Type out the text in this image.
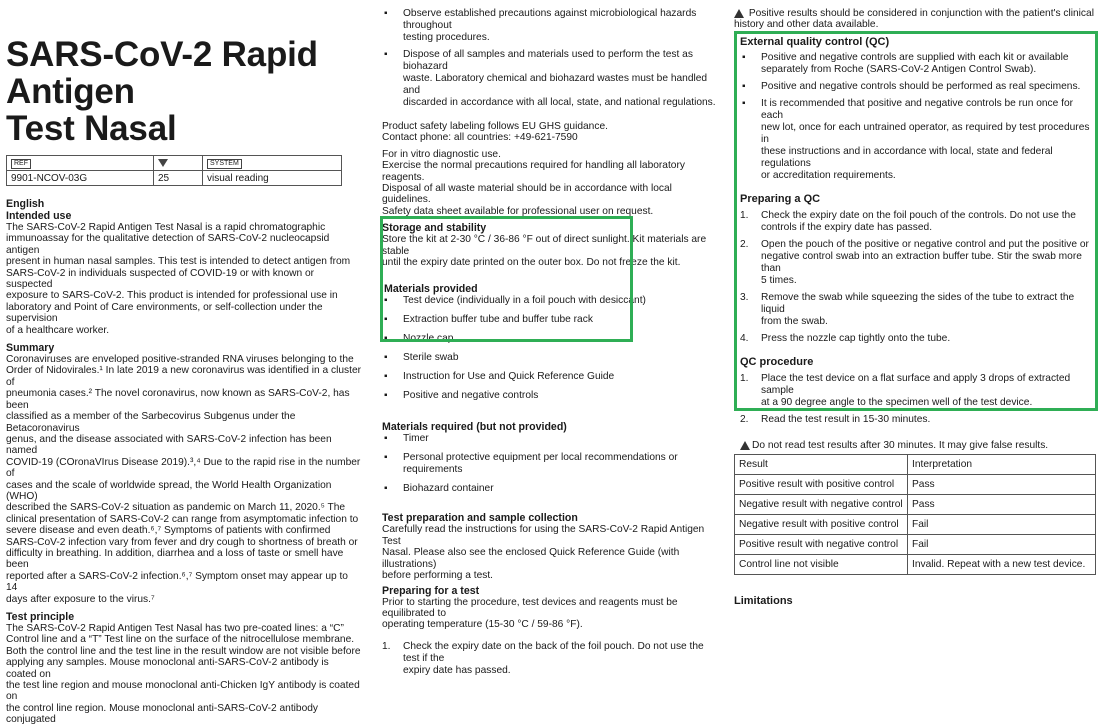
SARS-CoV-2 Rapid Antigen
Test Nasal
REF		SYSTEM
9901-NCOV-03G	25	visual reading

English

Intended use

The SARS-CoV-2 Rapid Antigen Test Nasal is a rapid chromatographic

immunoassay for the qualitative detection of SARS-CoV-2 nucleocapsid antigen

present in human nasal samples. This test is intended to detect antigen from

SARS-CoV-2 in individuals suspected of COVID-19 or with known or suspected

exposure to SARS-CoV-2. This product is intended for professional use in

laboratory and Point of Care environments, or self-collection under the supervision

of a healthcare worker.

Summary

Coronaviruses are enveloped positive-stranded RNA viruses belonging to the

Order of Nidovirales.¹ In late 2019 a new coronavirus was identified in a cluster of

pneumonia cases.² The novel coronavirus, now known as SARS-CoV-2, has been

classified as a member of the Sarbecovirus Subgenus under the Betacoronavirus

genus, and the disease associated with SARS-CoV-2 infection has been named

COVID-19 (COronaVIrus Disease 2019).³,⁴ Due to the rapid rise in the number of

cases and the scale of worldwide spread, the World Health Organization (WHO)

described the SARS-CoV-2 situation as pandemic on March 11, 2020.⁵ The

clinical presentation of SARS-CoV-2 can range from asymptomatic infection to

severe disease and even death.⁶,⁷ Symptoms of patients with confirmed

SARS-CoV-2 infection vary from fever and dry cough to shortness of breath or

difficulty in breathing. In addition, diarrhea and a loss of taste or smell have been

reported after a SARS-CoV-2 infection.⁶,⁷ Symptom onset may appear up to 14

days after exposure to the virus.⁷

Test principle

The SARS-CoV-2 Rapid Antigen Test Nasal has two pre-coated lines: a “C”

Control line and a “T” Test line on the surface of the nitrocellulose membrane.

Both the control line and the test line in the result window are not visible before

applying any samples. Mouse monoclonal anti-SARS-CoV-2 antibody is coated on

the test line region and mouse monoclonal anti-Chicken IgY antibody is coated on

the control line region. Mouse monoclonal anti-SARS-CoV-2 antibody conjugated

▪ Observe established precautions against microbiological hazards throughout
testing procedures.
▪ Dispose of all samples and materials used to perform the test as biohazard
waste. Laboratory chemical and biohazard wastes must be handled and
discarded in accordance with all local, state, and national regulations.

Product safety labeling follows EU GHS guidance.

Contact phone: all countries: +49-621-7590

For in vitro diagnostic use.

Exercise the normal precautions required for handling all laboratory reagents.

Disposal of all waste material should be in accordance with local guidelines.

Safety data sheet available for professional user on request.

Storage and stability

Store the kit at 2-30 °C / 36-86 °F out of direct sunlight. Kit materials are stable

until the expiry date printed on the outer box. Do not freeze the kit.

Materials provided

▪ Test device (individually in a foil pouch with desiccant)
▪ Extraction buffer tube and buffer tube rack
▪ Nozzle cap
▪ Sterile swab
▪ Instruction for Use and Quick Reference Guide
▪ Positive and negative controls

Materials required (but not provided)

▪ Timer
▪ Personal protective equipment per local recommendations or requirements
▪ Biohazard container

Test preparation and sample collection

Carefully read the instructions for using the SARS-CoV-2 Rapid Antigen Test

Nasal. Please also see the enclosed Quick Reference Guide (with illustrations)

before performing a test.

Preparing for a test

Prior to starting the procedure, test devices and reagents must be equilibrated to

operating temperature (15-30 °C / 59-86 °F).

1. Check the expiry date on the back of the foil pouch. Do not use the test if the
expiry date has passed.
Positive results should be considered in conjunction with the patient's clinical
history and other data available.

External quality control (QC)

▪ Positive and negative controls are supplied with each kit or available
separately from Roche (SARS-CoV-2 Antigen Control Swab).
▪ Positive and negative controls should be performed as real specimens.
▪ It is recommended that positive and negative controls be run once for each
new lot, once for each untrained operator, as required by test procedures in
these instructions and in accordance with local, state and federal regulations
or accreditation requirements.

Preparing a QC

1. Check the expiry date on the foil pouch of the controls. Do not use the
controls if the expiry date has passed.
2. Open the pouch of the positive or negative control and put the positive or
negative control swab into an extraction buffer tube. Stir the swab more than
5 times.
3. Remove the swab while squeezing the sides of the tube to extract the liquid
from the swab.
4. Press the nozzle cap tightly onto the tube.

QC procedure

1. Place the test device on a flat surface and apply 3 drops of extracted sample
at a 90 degree angle to the specimen well of the test device.
2. Read the test result in 15-30 minutes.
Do not read test results after 30 minutes. It may give false results.
Result	Interpretation
Positive result with positive control	Pass
Negative result with negative control	Pass
Negative result with positive control	Fail
Positive result with negative control	Fail
Control line not visible	Invalid. Repeat with a new test device.

Limitations
